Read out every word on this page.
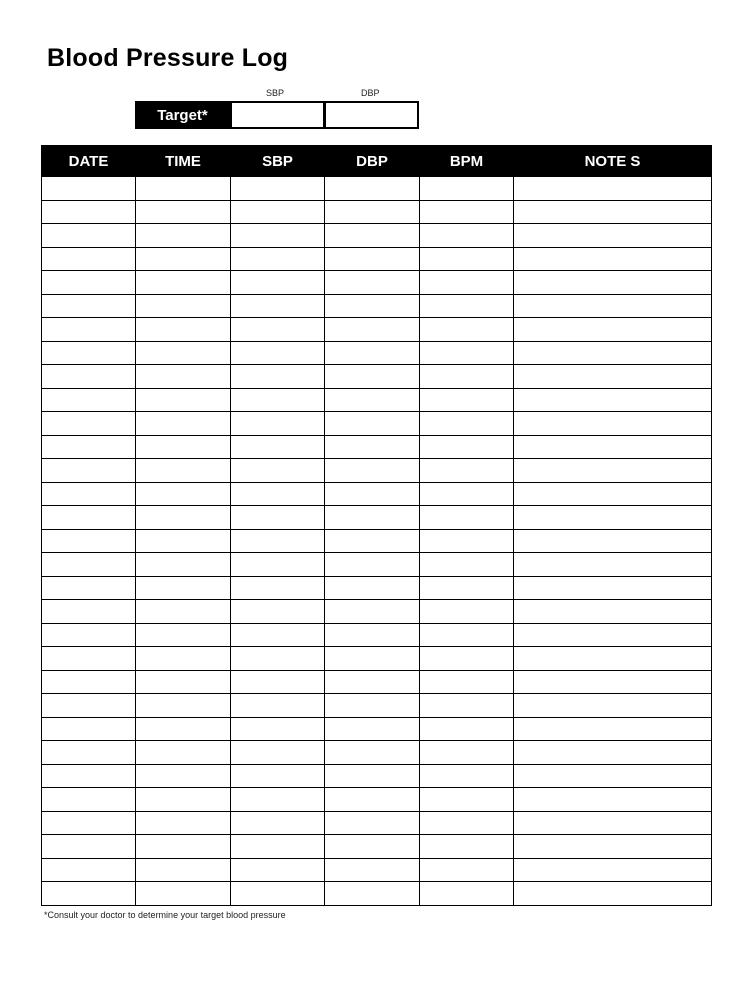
Blood Pressure Log
SBP	DBP
Target*
DATE	TIME	SBP	DBP	BPM	NOTE S

*Consult your doctor to determine your target blood pressure
